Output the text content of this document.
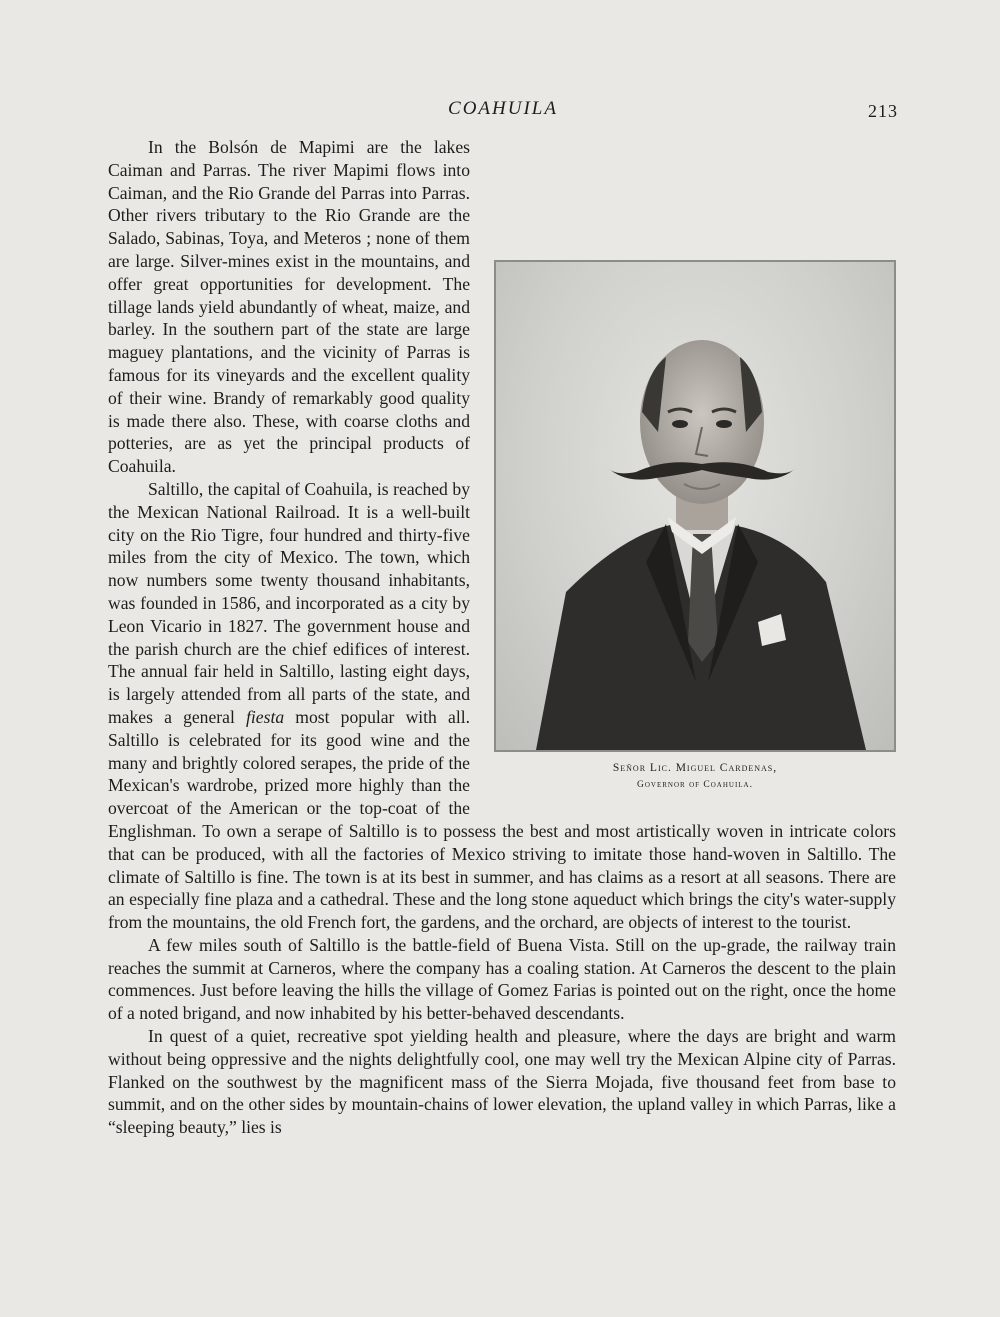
COAHUILA	213
Señor Lic. Miguel Cardenas,
Governor of Coahuila.

In the Bolsón de Mapimi are the lakes Caiman and Parras. The river Mapimi flows into Caiman, and the Rio Grande del Parras into Parras. Other rivers tributary to the Rio Grande are the Salado, Sabinas, Toya, and Meteros ; none of them are large. Silver-mines exist in the mountains, and offer great opportunities for development. The tillage lands yield abundantly of wheat, maize, and barley. In the southern part of the state are large maguey plantations, and the vicinity of Parras is famous for its vineyards and the excellent quality of their wine. Brandy of remarkably good quality is made there also. These, with coarse cloths and potteries, are as yet the principal products of Coahuila.

Saltillo, the capital of Coahuila, is reached by the Mexican National Railroad. It is a well-built city on the Rio Tigre, four hundred and thirty-five miles from the city of Mexico. The town, which now numbers some twenty thousand inhabitants, was founded in 1586, and incorporated as a city by Leon Vicario in 1827. The government house and the parish church are the chief edifices of interest. The annual fair held in Saltillo, lasting eight days, is largely attended from all parts of the state, and makes a general fiesta most popular with all. Saltillo is celebrated for its good wine and the many and brightly colored serapes, the pride of the Mexican's wardrobe, prized more highly than the overcoat of the American or the top-coat of the Englishman. To own a serape of Saltillo is to possess the best and most artistically woven in intricate colors that can be produced, with all the factories of Mexico striving to imitate those hand-woven in Saltillo. The climate of Saltillo is fine. The town is at its best in summer, and has claims as a resort at all seasons. There are an especially fine plaza and a cathedral. These and the long stone aqueduct which brings the city's water-supply from the mountains, the old French fort, the gardens, and the orchard, are objects of interest to the tourist.

A few miles south of Saltillo is the battle-field of Buena Vista. Still on the up-grade, the railway train reaches the summit at Carneros, where the company has a coaling station. At Carneros the descent to the plain commences. Just before leaving the hills the village of Gomez Farias is pointed out on the right, once the home of a noted brigand, and now inhabited by his better-behaved descendants.

In quest of a quiet, recreative spot yielding health and pleasure, where the days are bright and warm without being oppressive and the nights delightfully cool, one may well try the Mexican Alpine city of Parras. Flanked on the southwest by the magnificent mass of the Sierra Mojada, five thousand feet from base to summit, and on the other sides by mountain-chains of lower elevation, the upland valley in which Parras, like a “sleeping beauty,” lies is
